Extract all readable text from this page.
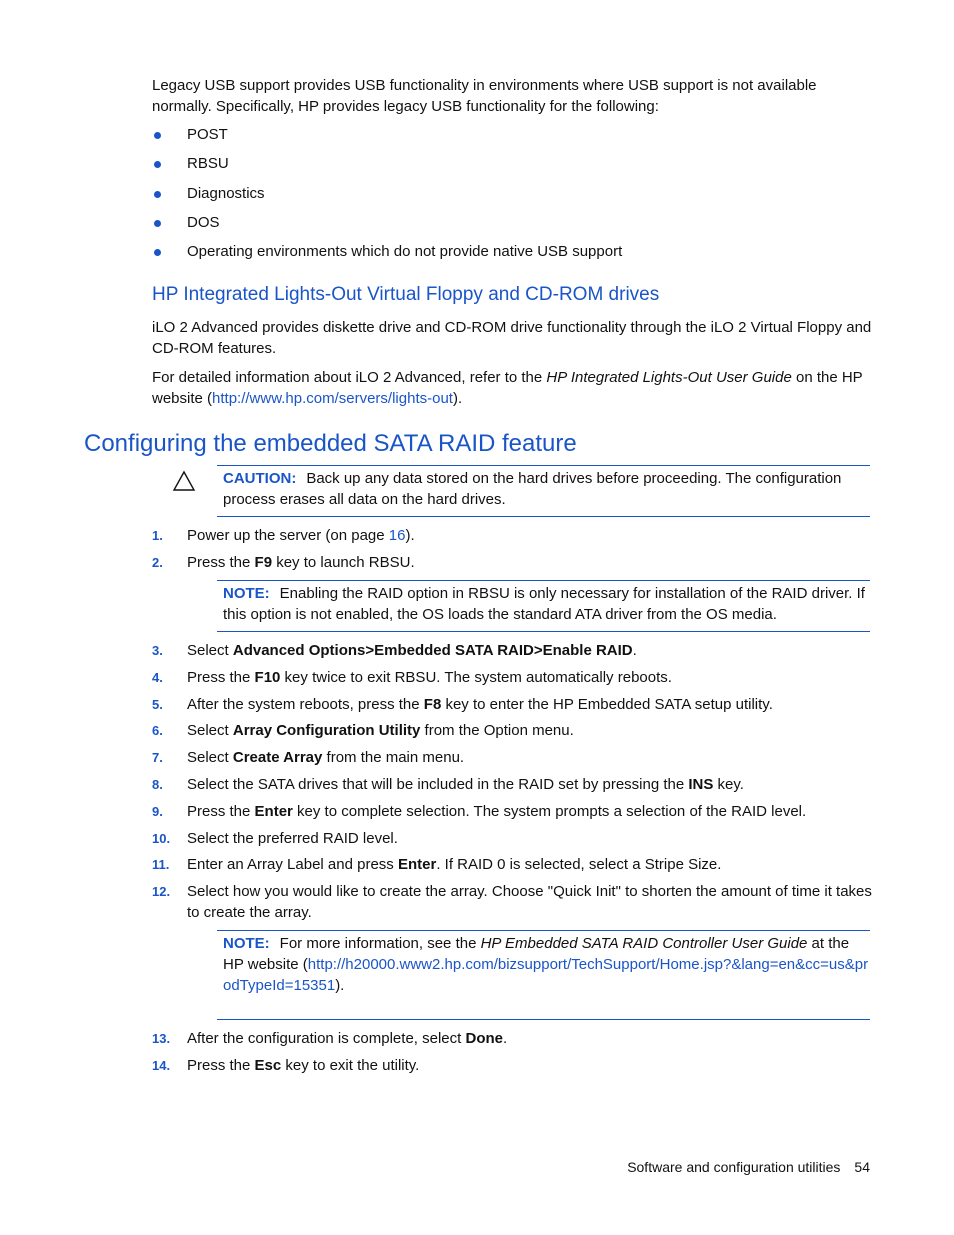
Legacy USB support provides USB functionality in environments where USB support is not available normally. Specifically, HP provides legacy USB functionality for the following:

POST
RBSU
Diagnostics
DOS
Operating environments which do not provide native USB support
HP Integrated Lights-Out Virtual Floppy and CD-ROM drives

iLO 2 Advanced provides diskette drive and CD-ROM drive functionality through the iLO 2 Virtual Floppy and CD-ROM features.

For detailed information about iLO 2 Advanced, refer to the HP Integrated Lights-Out User Guide on the HP website (http://www.hp.com/servers/lights-out).

Configuring the embedded SATA RAID feature
CAUTION: Back up any data stored on the hard drives before proceeding. The configuration process erases all data on the hard drives.
1. Power up the server (on page 16).
2. Press the F9 key to launch RBSU.
NOTE: Enabling the RAID option in RBSU is only necessary for installation of the RAID driver. If this option is not enabled, the OS loads the standard ATA driver from the OS media.
3. Select Advanced Options>Embedded SATA RAID>Enable RAID.
4. Press the F10 key twice to exit RBSU. The system automatically reboots.
5. After the system reboots, press the F8 key to enter the HP Embedded SATA setup utility.
6. Select Array Configuration Utility from the Option menu.
7. Select Create Array from the main menu.
8. Select the SATA drives that will be included in the RAID set by pressing the INS key.
9. Press the Enter key to complete selection. The system prompts a selection of the RAID level.
10. Select the preferred RAID level.
11. Enter an Array Label and press Enter. If RAID 0 is selected, select a Stripe Size.
12. Select how you would like to create the array. Choose "Quick Init" to shorten the amount of time it takes to create the array.
NOTE: For more information, see the HP Embedded SATA RAID Controller User Guide at the HP website (http://h20000.www2.hp.com/bizsupport/TechSupport/Home.jsp?&lang=en&cc=us&prodTypeId=15351).
13. After the configuration is complete, select Done.
14. Press the Esc key to exit the utility.
Software and configuration utilities 54
